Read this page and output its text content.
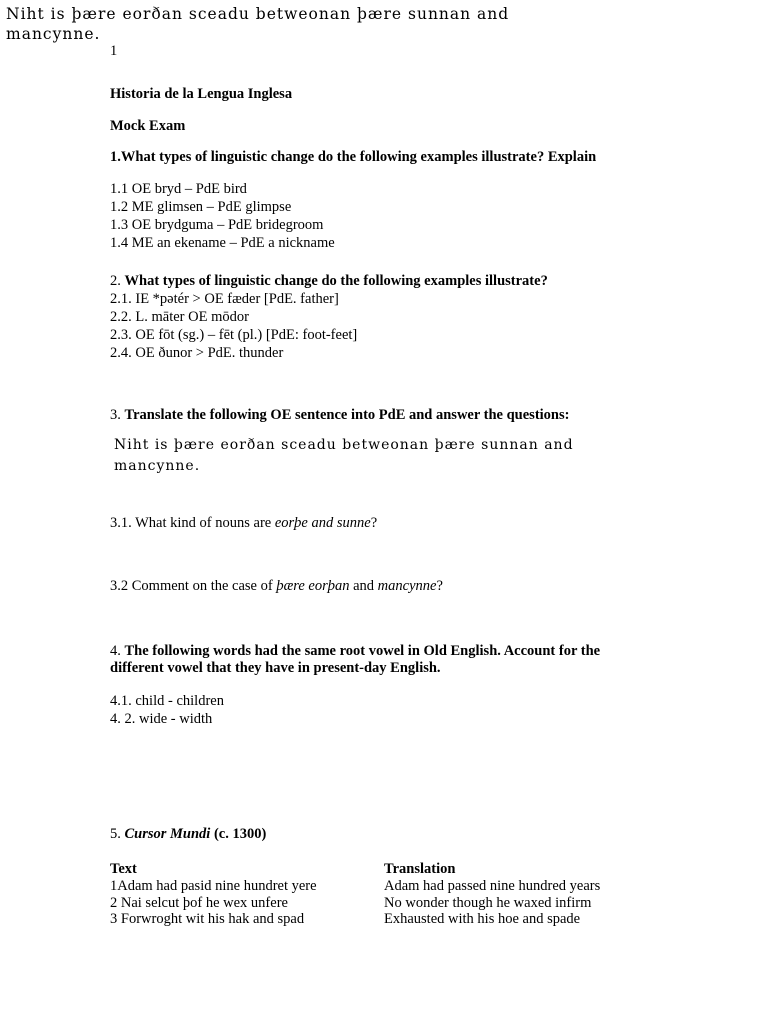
Niht is þære eorðan sceadu betweonan þære sunnan and
mancynne.
1
Historia de la Lengua Inglesa
Mock Exam
1.What types of linguistic change do the following examples illustrate? Explain
1.1 OE bryd – PdE bird
1.2 ME glimsen – PdE glimpse
1.3 OE brydguma – PdE bridegroom
1.4 ME an ekename – PdE a nickname
2. What types of linguistic change do the following examples illustrate?
2.1. IE *pətér > OE fæder [PdE. father]
2.2. L. māter OE mōdor
2.3. OE fōt (sg.) – fēt (pl.) [PdE: foot-feet]
2.4. OE ðunor > PdE. thunder
3. Translate the following OE sentence into PdE and answer the questions:
Niht is þære eorðan sceadu betweonan þære sunnan and
mancynne.
3.1. What kind of nouns are eorþe and sunne?
3.2 Comment on the case of þære eorþan and mancynne?
4. The following words had the same root vowel in Old English. Account for the
different vowel that they have in present-day English.
4.1. child - children
4. 2. wide - width
5. Cursor Mundi (c. 1300)
Text	Translation
1Adam had pasid nine hundret yere
2 Nai selcut þof he wex unfere
3 Forwroght wit his hak and spad
Adam had passed nine hundred years
No wonder though he waxed infirm
Exhausted with his hoe and spade
